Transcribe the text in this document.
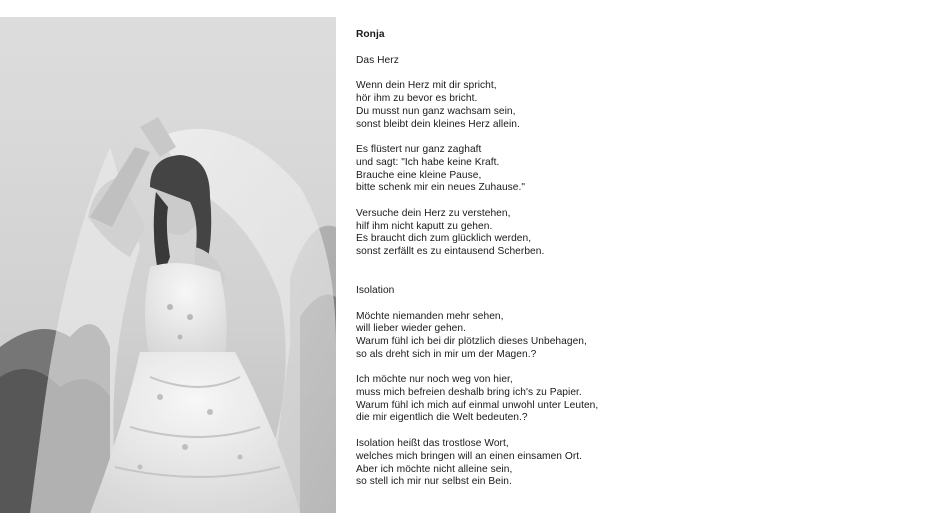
Ronja
Das Herz
Wenn dein Herz mit dir spricht,
hör ihm zu bevor es bricht.
Du musst nun ganz wachsam sein,
sonst bleibt dein kleines Herz allein.
Es flüstert nur ganz zaghaft
und sagt: "Ich habe keine Kraft.
Brauche eine kleine Pause,
bitte schenk mir ein neues Zuhause."
Versuche dein Herz zu verstehen,
hilf ihm nicht kaputt zu gehen.
Es braucht dich zum glücklich werden,
sonst zerfällt es zu eintausend Scherben.
Isolation
Möchte niemanden mehr sehen,
will lieber wieder gehen.
Warum fühl ich bei dir plötzlich dieses Unbehagen,
so als dreht sich in mir um der Magen.?
Ich möchte nur noch weg von hier,
muss mich befreien deshalb bring ich's zu Papier.
Warum fühl ich mich auf einmal unwohl unter Leuten,
die mir eigentlich die Welt bedeuten.?
Isolation heißt das trostlose Wort,
welches mich bringen will an einen einsamen Ort.
Aber ich möchte nicht alleine sein,
so stell ich mir nur selbst ein Bein.
